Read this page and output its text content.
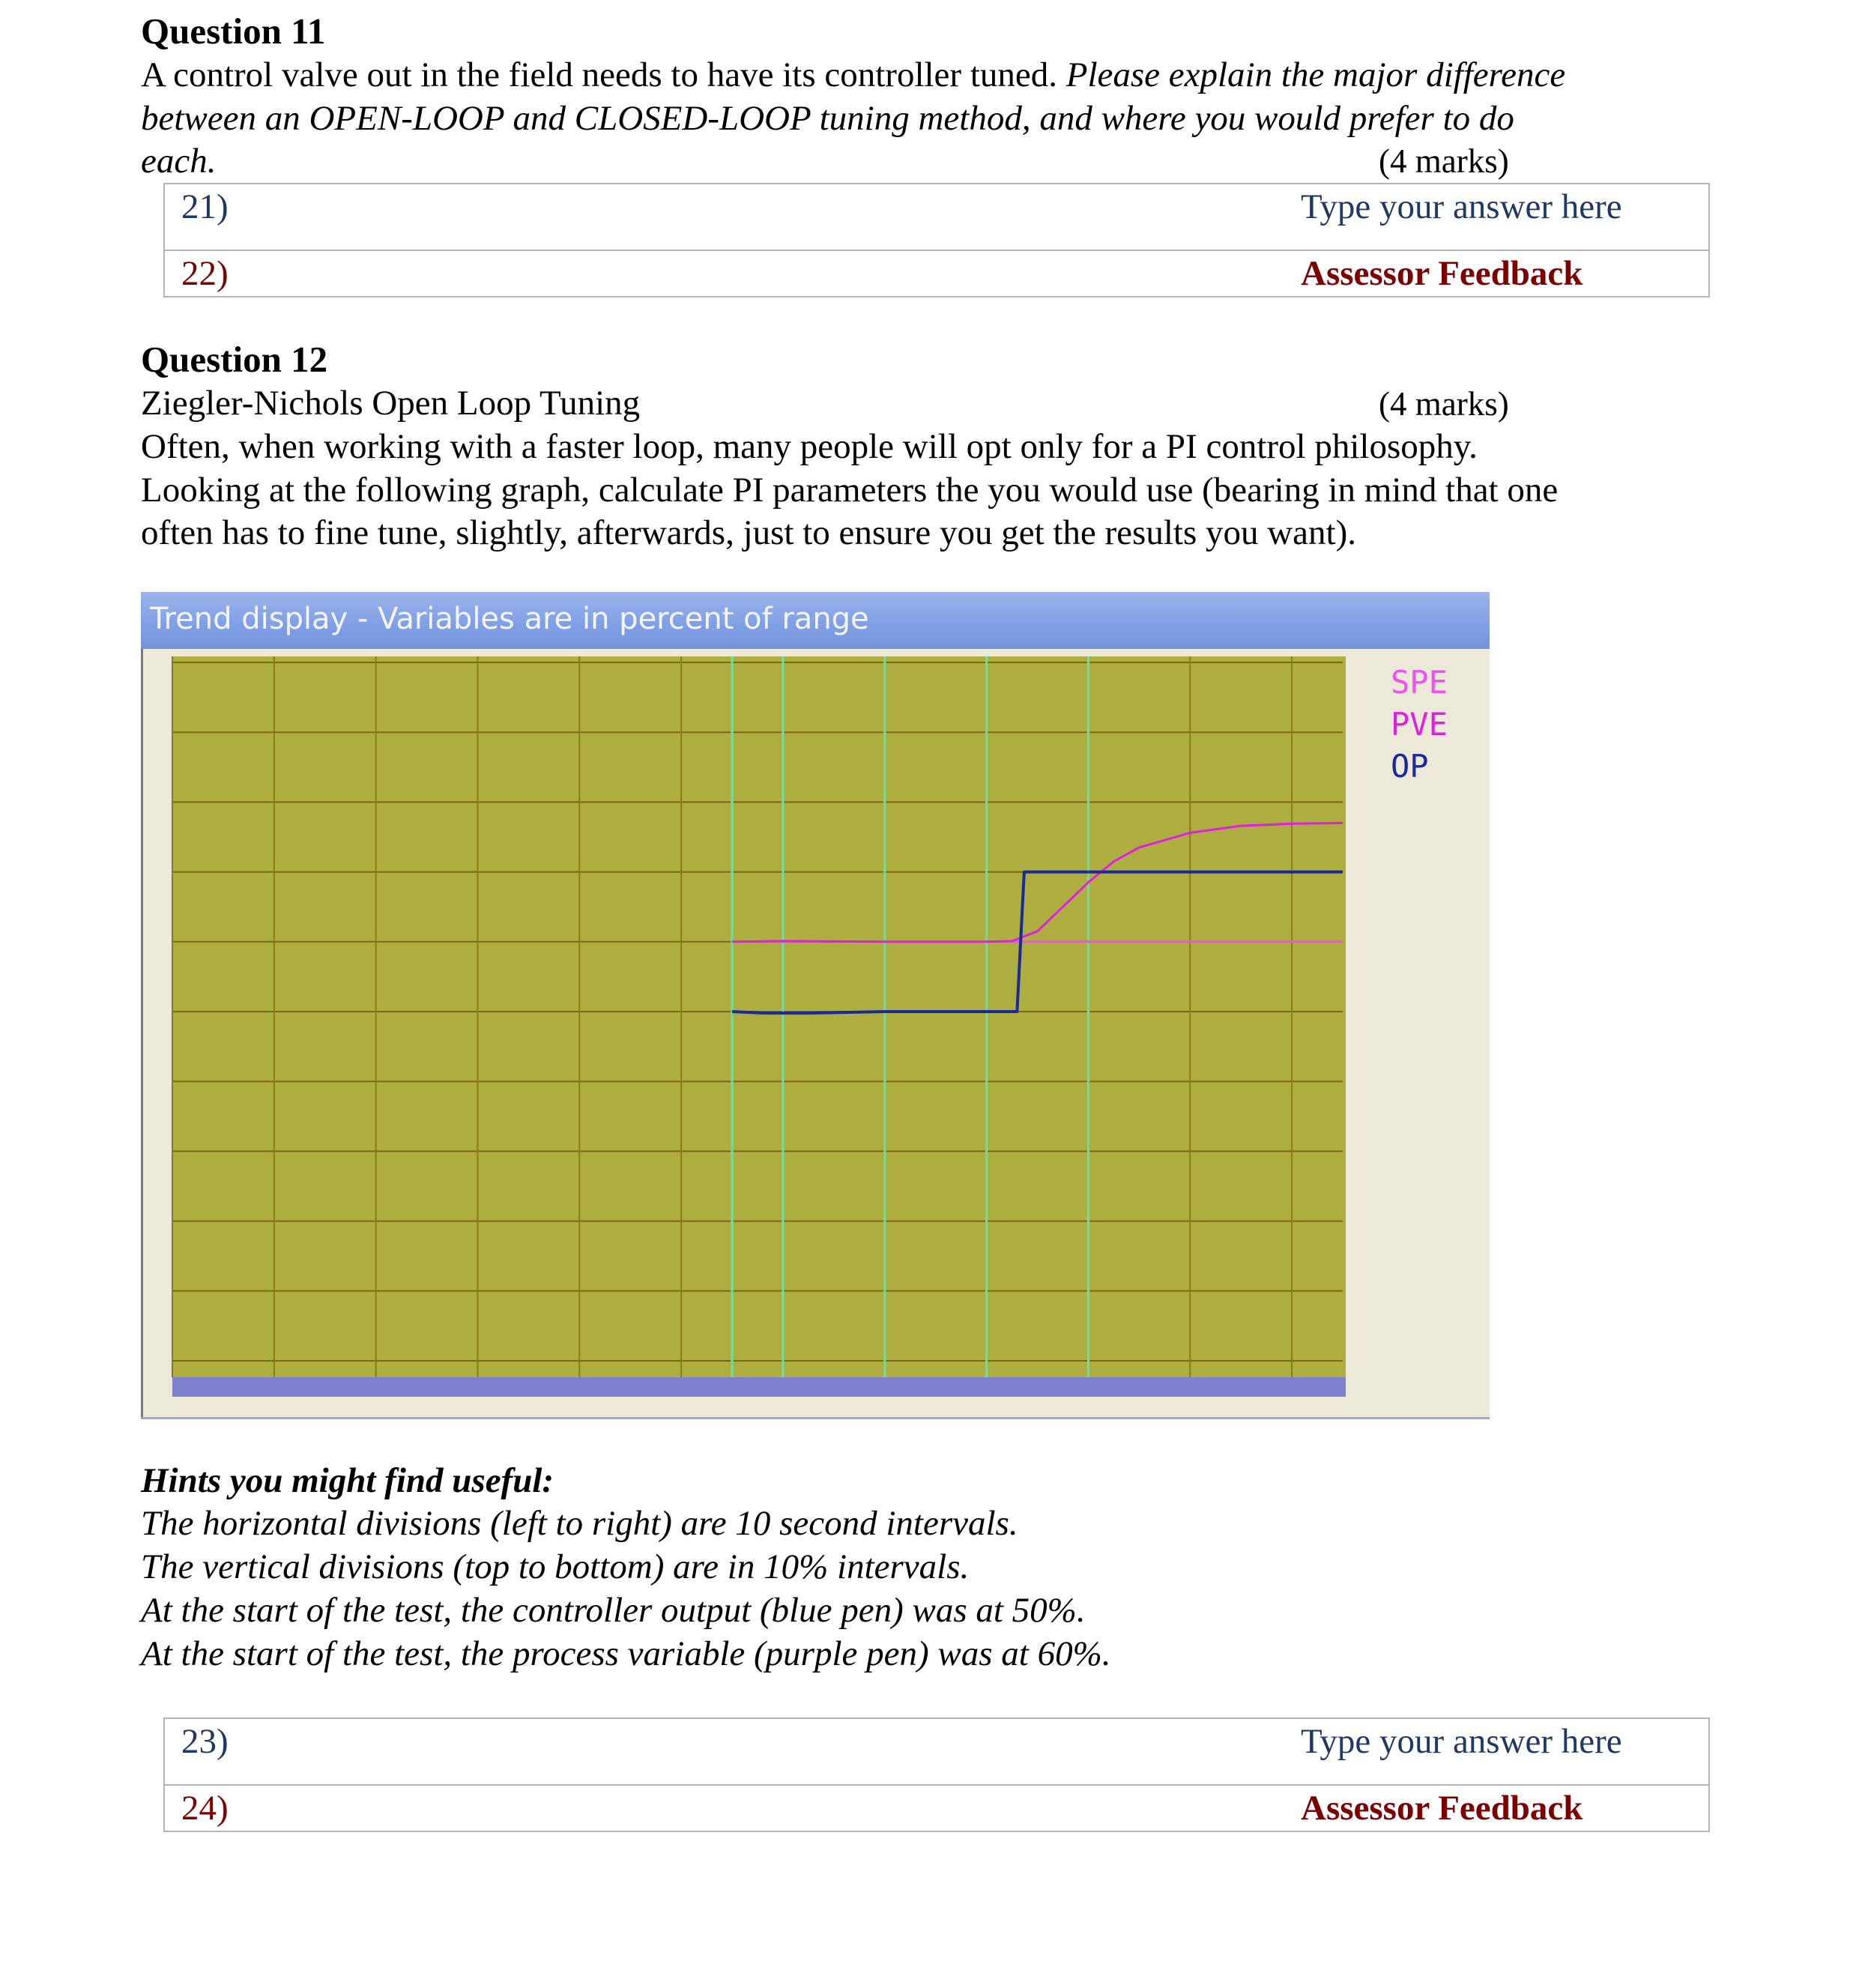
Question 11
A control valve out in the field needs to have its controller tuned. Please explain the major difference
between an OPEN-LOOP and CLOSED-LOOP tuning method, and where you would prefer to do
each.	(4 marks)
21)	Type your answer here
22)	Assessor Feedback
Question 12
Ziegler-Nichols Open Loop Tuning	(4 marks)
Often, when working with a faster loop, many people will opt only for a PI control philosophy.
Looking at the following graph, calculate PI parameters the you would use (bearing in mind that one
often has to fine tune, slightly, afterwards, just to ensure you get the results you want).
Trend display - Variables are in percent of range
SPE
PVE
OP
Hints you might find useful:
The horizontal divisions (left to right) are 10 second intervals.
The vertical divisions (top to bottom) are in 10% intervals.
At the start of the test, the controller output (blue pen) was at 50%.
At the start of the test, the process variable (purple pen) was at 60%.
23)	Type your answer here
24)	Assessor Feedback
